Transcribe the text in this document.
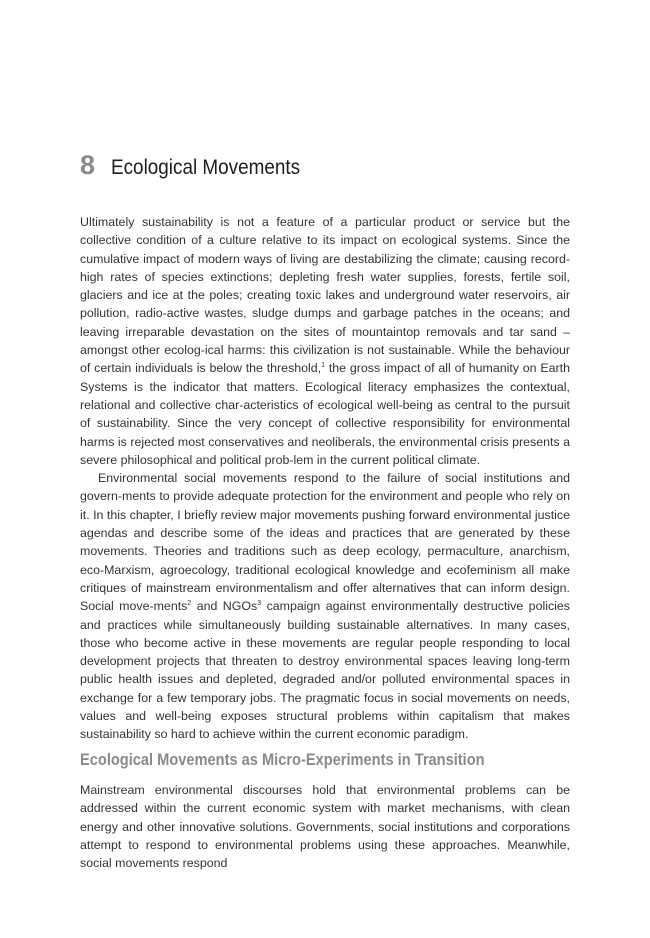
8 Ecological Movements

Ultimately sustainability is not a feature of a particular product or service but the collective condition of a culture relative to its impact on ecological systems. Since the cumulative impact of modern ways of living are destabilizing the climate; causing record-high rates of species extinctions; depleting fresh water supplies, forests, fertile soil, glaciers and ice at the poles; creating toxic lakes and underground water reservoirs, air pollution, radio-active wastes, sludge dumps and garbage patches in the oceans; and leaving irreparable devastation on the sites of mountaintop removals and tar sand – amongst other ecolog-ical harms: this civilization is not sustainable. While the behaviour of certain individuals is below the threshold,$^1$ the gross impact of all of humanity on Earth Systems is the indicator that matters. Ecological literacy emphasizes the contextual, relational and collective char-acteristics of ecological well-being as central to the pursuit of sustainability. Since the very concept of collective responsibility for environmental harms is rejected most conservatives and neoliberals, the environmental crisis presents a severe philosophical and political prob-lem in the current political climate.

Environmental social movements respond to the failure of social institutions and govern-ments to provide adequate protection for the environment and people who rely on it. In this chapter, I briefly review major movements pushing forward environmental justice agendas and describe some of the ideas and practices that are generated by these movements. Theories and traditions such as deep ecology, permaculture, anarchism, eco-Marxism, agroecology, traditional ecological knowledge and ecofeminism all make critiques of mainstream environmentalism and offer alternatives that can inform design. Social move-ments$^2$ and NGOs$^3$ campaign against environmentally destructive policies and practices while simultaneously building sustainable alternatives. In many cases, those who become active in these movements are regular people responding to local development projects that threaten to destroy environmental spaces leaving long-term public health issues and depleted, degraded and/or polluted environmental spaces in exchange for a few temporary jobs. The pragmatic focus in social movements on needs, values and well-being exposes structural problems within capitalism that makes sustainability so hard to achieve within the current economic paradigm.

Ecological Movements as Micro-Experiments in Transition

Mainstream environmental discourses hold that environmental problems can be addressed within the current economic system with market mechanisms, with clean energy and other innovative solutions. Governments, social institutions and corporations attempt to respond to environmental problems using these approaches. Meanwhile, social movements respond
